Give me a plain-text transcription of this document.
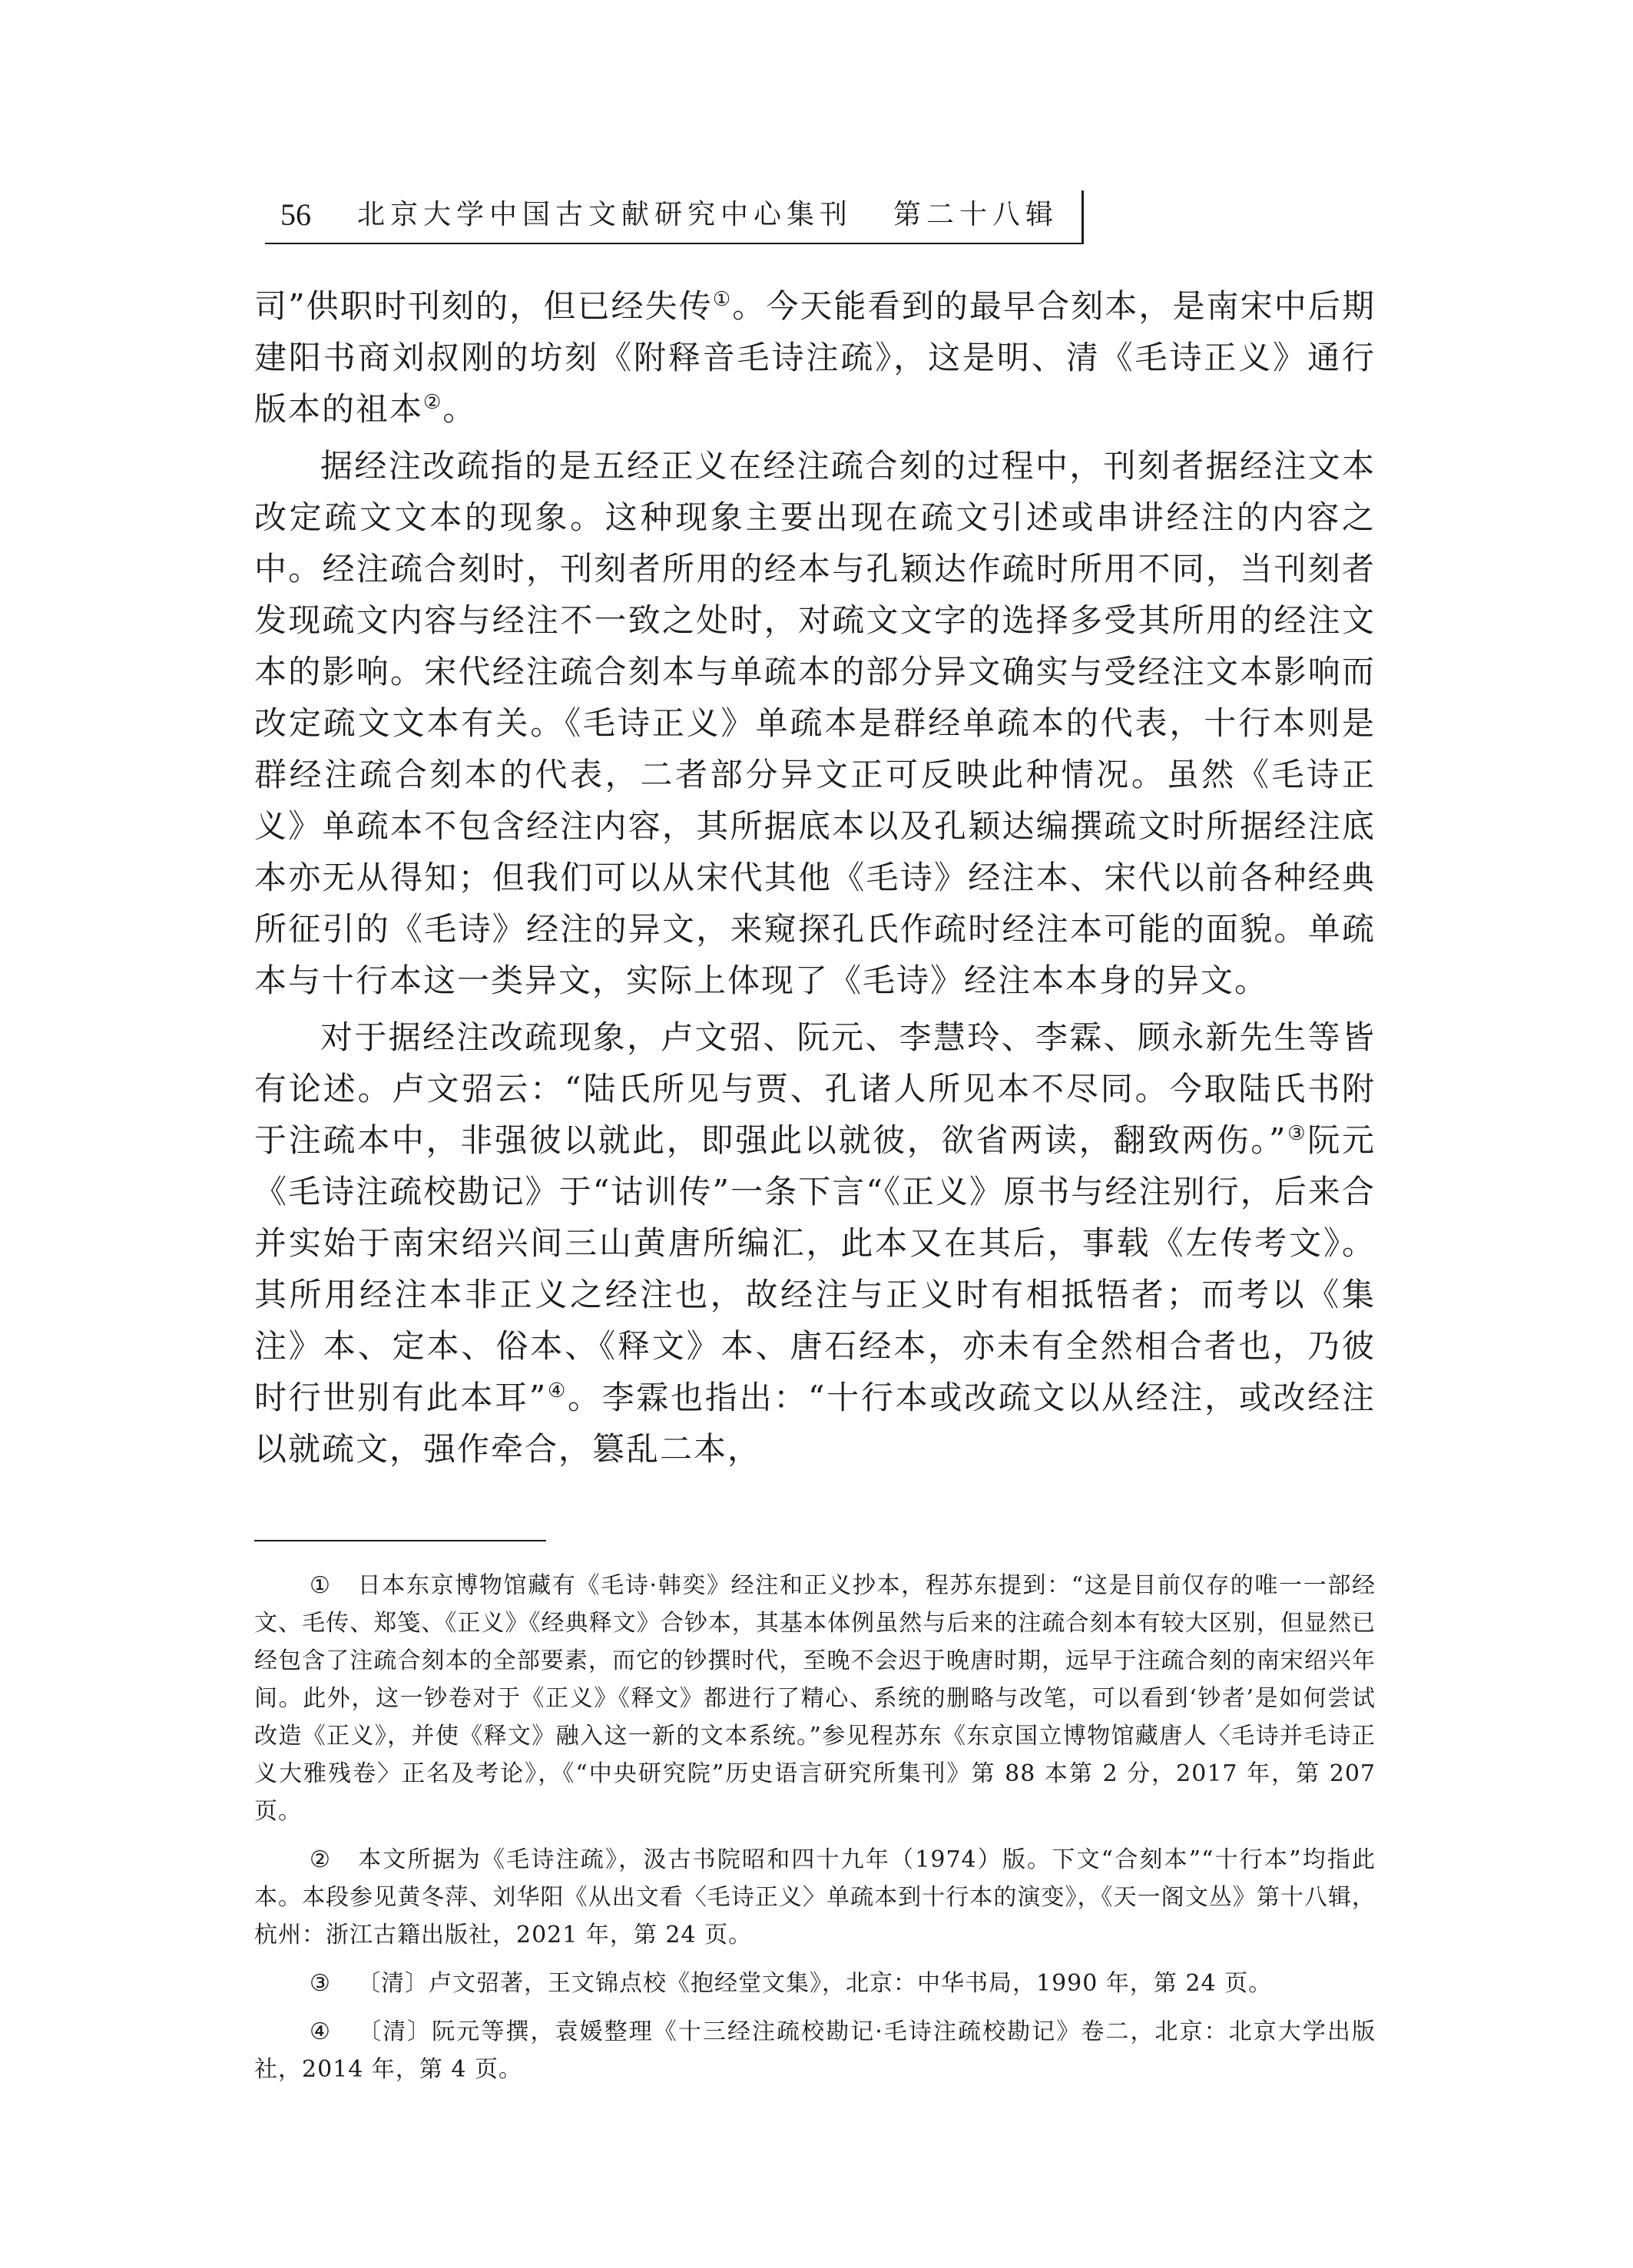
56 北京大学中国古文献研究中心集刊 第二十八辑

司”供职时刊刻的，但已经失传①。今天能看到的最早合刻本，是南宋中后期建阳书商刘叔刚的坊刻《附释音毛诗注疏》，这是明、清《毛诗正义》通行版本的祖本②。

据经注改疏指的是五经正义在经注疏合刻的过程中，刊刻者据经注文本改定疏文文本的现象。这种现象主要出现在疏文引述或串讲经注的内容之中。经注疏合刻时，刊刻者所用的经本与孔颖达作疏时所用不同，当刊刻者发现疏文内容与经注不一致之处时，对疏文文字的选择多受其所用的经注文本的影响。宋代经注疏合刻本与单疏本的部分异文确实与受经注文本影响而改定疏文文本有关。《毛诗正义》单疏本是群经单疏本的代表，十行本则是群经注疏合刻本的代表，二者部分异文正可反映此种情况。虽然《毛诗正义》单疏本不包含经注内容，其所据底本以及孔颖达编撰疏文时所据经注底本亦无从得知；但我们可以从宋代其他《毛诗》经注本、宋代以前各种经典所征引的《毛诗》经注的异文，来窥探孔氏作疏时经注本可能的面貌。单疏本与十行本这一类异文，实际上体现了《毛诗》经注本本身的异文。

对于据经注改疏现象，卢文弨、阮元、李慧玲、李霖、顾永新先生等皆有论述。卢文弨云：“陆氏所见与贾、孔诸人所见本不尽同。今取陆氏书附于注疏本中，非强彼以就此，即强此以就彼，欲省两读，翻致两伤。”③阮元《毛诗注疏校勘记》于“诂训传”一条下言“《正义》原书与经注别行，后来合并实始于南宋绍兴间三山黄唐所编汇，此本又在其后，事载《左传考文》。其所用经注本非正义之经注也，故经注与正义时有相抵牾者；而考以《集注》本、定本、俗本、《释文》本、唐石经本，亦未有全然相合者也，乃彼时行世别有此本耳”④。李霖也指出：“十行本或改疏文以从经注，或改经注以就疏文，强作牵合，篡乱二本，

① 日本东京博物馆藏有《毛诗·韩奕》经注和正义抄本，程苏东提到：“这是目前仅存的唯一一部经文、毛传、郑笺、《正义》《经典释文》合钞本，其基本体例虽然与后来的注疏合刻本有较大区别，但显然已经包含了注疏合刻本的全部要素，而它的钞撰时代，至晚不会迟于晚唐时期，远早于注疏合刻的南宋绍兴年间。此外，这一钞卷对于《正义》《释文》都进行了精心、系统的删略与改笔，可以看到‘钞者’是如何尝试改造《正义》，并使《释文》融入这一新的文本系统。”参见程苏东《东京国立博物馆藏唐人〈毛诗并毛诗正义大雅残卷〉正名及考论》，《“中央研究院”历史语言研究所集刊》第 88 本第 2 分，2017 年，第 207 页。

② 本文所据为《毛诗注疏》，汲古书院昭和四十九年（1974）版。下文“合刻本”“十行本”均指此本。本段参见黄冬萍、刘华阳《从出文看〈毛诗正义〉单疏本到十行本的演变》，《天一阁文丛》第十八辑，杭州：浙江古籍出版社，2021 年，第 24 页。

③ 〔清〕卢文弨著，王文锦点校《抱经堂文集》，北京：中华书局，1990 年，第 24 页。

④ 〔清〕阮元等撰，袁媛整理《十三经注疏校勘记·毛诗注疏校勘记》卷二，北京：北京大学出版社，2014 年，第 4 页。
